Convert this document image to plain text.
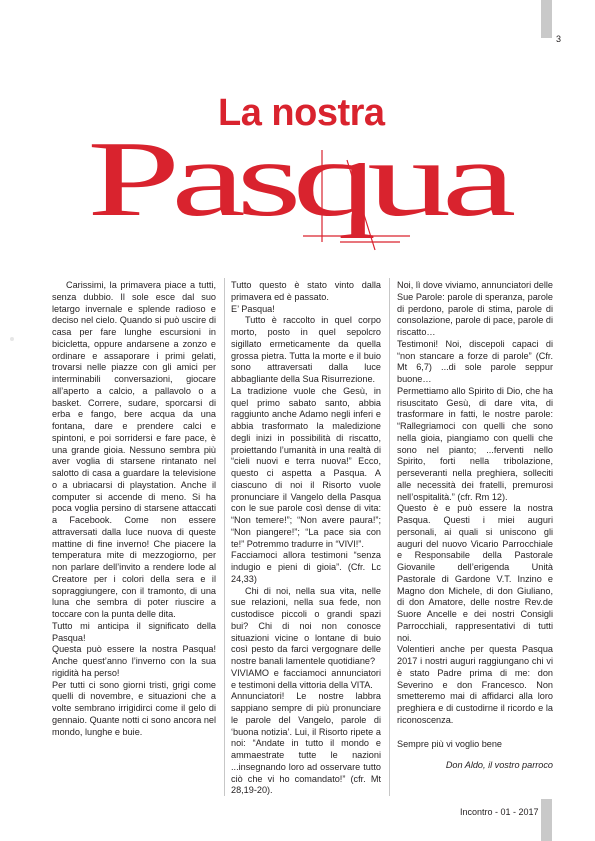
3
La nostra
Pasqua

Carissimi, la primavera piace a tutti, senza dubbio. Il sole esce dal suo letargo invernale e splende radioso e deciso nel cielo. Quando si può uscire di casa per fare lunghe escursioni in bicicletta, oppure andarsene a zonzo e ordinare e assaporare i primi gelati, trovarsi nelle piazze con gli amici per interminabili conversazioni, giocare all’aperto a calcio, a pallavolo o a basket. Correre, sudare, sporcarsi di erba e fango, bere acqua da una fontana, dare e prendere calci e spintoni, e poi sorridersi e fare pace, è una grande gioia. Nessuno sembra più aver voglia di starsene rintanato nel salotto di casa a guardare la televisione o a ubriacarsi di playstation. Anche il computer si accende di meno. Si ha poca voglia persino di starsene attaccati a Facebook. Come non essere attraversati dalla luce nuova di queste mattine di fine inverno! Che piacere la temperatura mite di mezzogiorno, per non parlare dell’invito a rendere lode al Creatore per i colori della sera e il sopraggiungere, con il tramonto, di una luna che sembra di poter riuscire a toccare con la punta delle dita.

Tutto mi anticipa il significato della Pasqua!

Questa può essere la nostra Pasqua! Anche quest’anno l’inverno con la sua rigidità ha perso!

Per tutti ci sono giorni tristi, grigi come quelli di novembre, e situazioni che a volte sembrano irrigidirci come il gelo di gennaio. Quante notti ci sono ancora nel mondo, lunghe e buie.

Tutto questo è stato vinto dalla primavera ed è passato.

E’ Pasqua!

Tutto è raccolto in quel corpo morto, posto in quel sepolcro sigillato ermeticamente da quella grossa pietra. Tutta la morte e il buio sono attraversati dalla luce abbagliante della Sua Risurrezione.

La tradizione vuole che Gesù, in quel primo sabato santo, abbia raggiunto anche Adamo negli inferi e abbia trasformato la maledizione degli inizi in possibilità di riscatto, proiettando l’umanità in una realtà di “cieli nuovi e terra nuova!” Ecco, questo ci aspetta a Pasqua. A ciascuno di noi il Risorto vuole pronunciare il Vangelo della Pasqua con le sue parole così dense di vita: “Non temere!”; “Non avere paura!”; “Non piangere!”; “La pace sia con te!” Potremmo tradurre in “VIVI!”.

Facciamoci allora testimoni “senza indugio e pieni di gioia”. (Cfr. Lc 24,33)

Chi di noi, nella sua vita, nelle sue relazioni, nella sua fede, non custodisce piccoli o grandi spazi bui? Chi di noi non conosce situazioni vicine o lontane di buio così pesto da farci vergognare delle nostre banali lamentele quotidiane?

VIVIAMO e facciamoci annunciatori e testimoni della vittoria della VITA.

Annunciatori! Le nostre labbra sappiano sempre di più pronunciare le parole del Vangelo, parole di ‘buona notizia’. Lui, il Risorto ripete a noi: “Andate in tutto il mondo e ammaestrate tutte le nazioni ...insegnando loro ad osservare tutto ciò che vi ho comandato!” (cfr. Mt 28,19-20).

Noi, lì dove viviamo, annunciatori delle Sue Parole: parole di speranza, parole di perdono, parole di stima, parole di consolazione, parole di pace, parole di riscatto…

Testimoni! Noi, discepoli capaci di “non stancare a forze di parole” (Cfr. Mt 6,7) ...di sole parole seppur buone…

Permettiamo allo Spirito di Dio, che ha risuscitato Gesù, di dare vita, di trasformare in fatti, le nostre parole: “Rallegriamoci con quelli che sono nella gioia, piangiamo con quelli che sono nel pianto; ...ferventi nello Spirito, forti nella tribolazione, perseveranti nella preghiera, solleciti alle necessità dei fratelli, premurosi nell’ospitalità.” (cfr. Rm 12).

Questo è e può essere la nostra Pasqua. Questi i miei auguri personali, ai quali si uniscono gli auguri del nuovo Vicario Parrocchiale e Responsabile della Pastorale Giovanile dell’erigenda Unità Pastorale di Gardone V.T. Inzino e Magno don Michele, di don Giuliano, di don Amatore, delle nostre Rev.de Suore Ancelle e dei nostri Consigli Parrocchiali, rappresentativi di tutti noi.

Volentieri anche per questa Pasqua 2017 i nostri auguri raggiungano chi vi è stato Padre prima di me: don Severino e don Francesco. Non smetteremo mai di affidarci alla loro preghiera e di custodirne il ricordo e la riconoscenza.

Sempre più vi voglio bene

Don Aldo, il vostro parroco

Incontro - 01 - 2017
